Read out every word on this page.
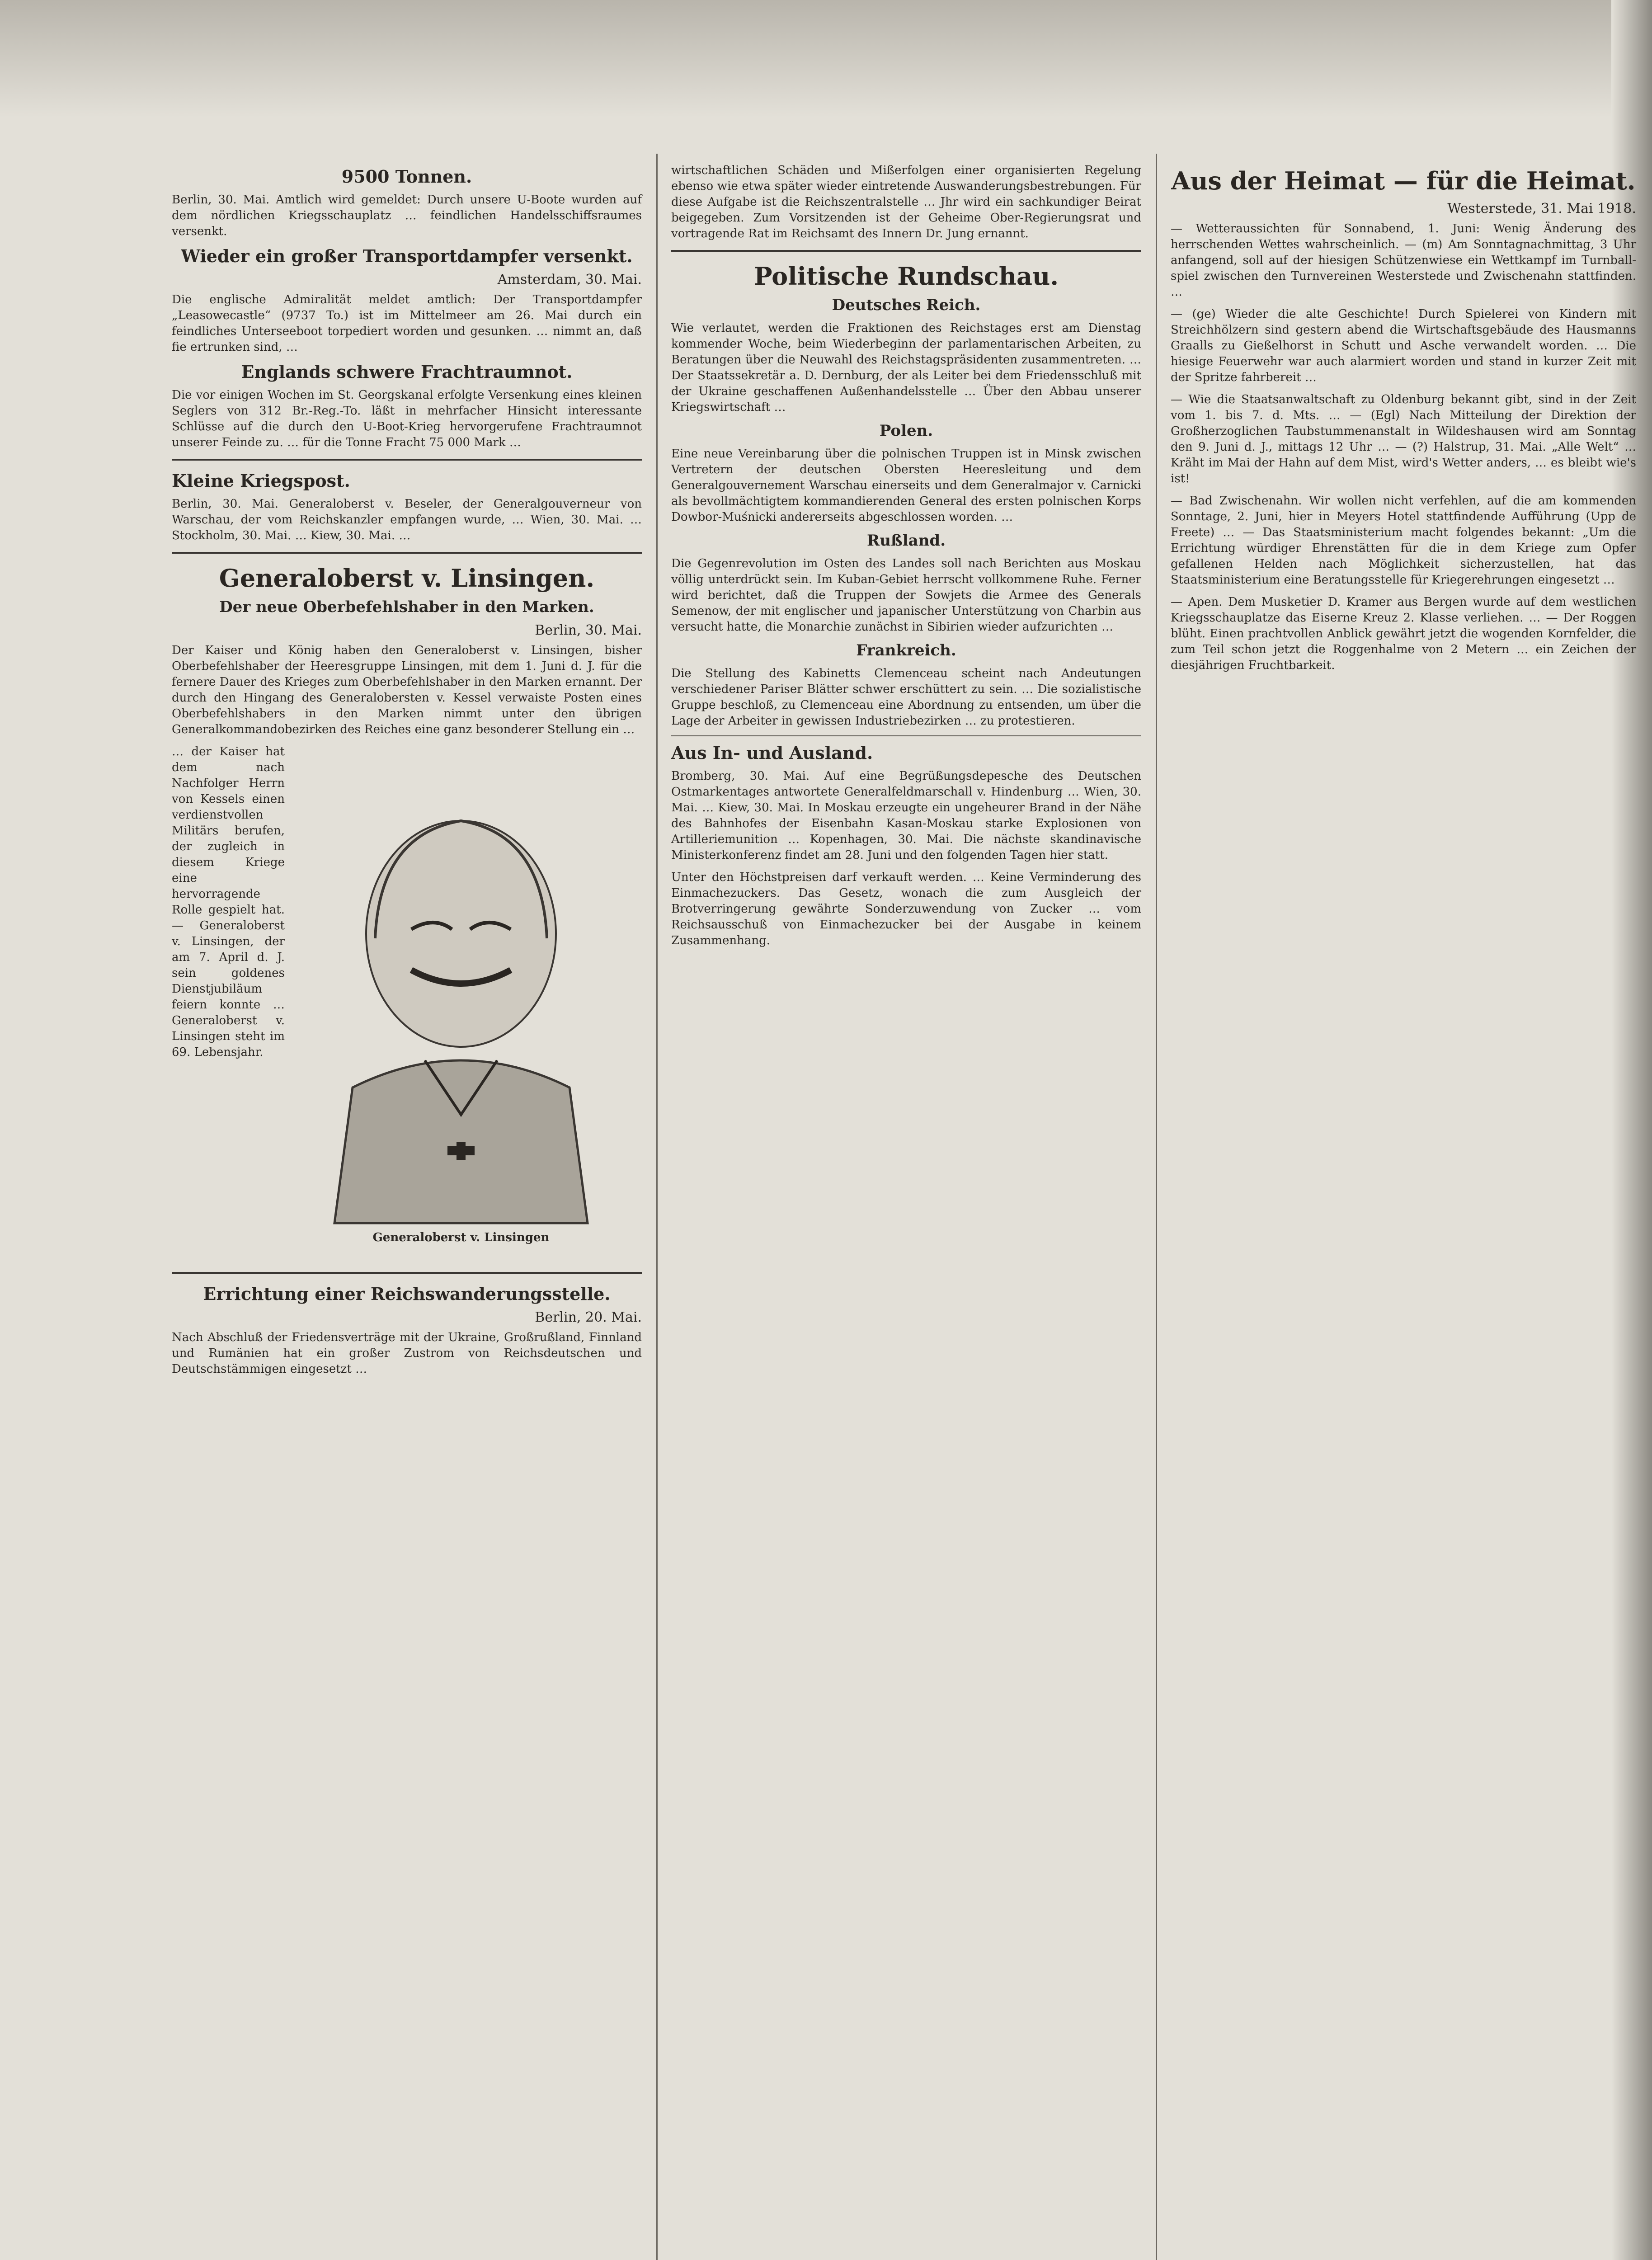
9500 Tonnen.
Berlin, 30. Mai. Amtlich wird gemeldet: Durch unsere U-Boote wurden auf dem nördlichen Kriegsschauplatz … feindlichen Handelsschiffsraumes versenkt.
Wieder ein großer Transportdampfer versenkt.
Amsterdam, 30. Mai.
Die englische Admiralität meldet amtlich: Der Transportdampfer „Leasowecastle“ (9737 To.) ist im Mittelmeer am 26. Mai durch ein feindliches Unterseeboot torpediert worden und gesunken. … nimmt an, daß fie ertrunken sind, …
Englands schwere Frachtraumnot.
Die vor einigen Wochen im St. Georgskanal erfolgte Versenkung eines kleinen Seglers von 312 Br.-Reg.-To. läßt in mehrfacher Hinsicht interessante Schlüsse auf die durch den U-Boot-Krieg hervorgerufene Frachtraumnot unserer Feinde zu. … für die Tonne Fracht 75 000 Mark …
Kleine Kriegspost.
Berlin, 30. Mai. Generaloberst v. Beseler, der Generalgouverneur von Warschau, der vom Reichskanzler empfangen wurde, … Wien, 30. Mai. … Stockholm, 30. Mai. … Kiew, 30. Mai. …
Generaloberst v. Linsingen.
Der neue Oberbefehlshaber in den Marken.
Berlin, 30. Mai.
Der Kaiser und König haben den Generaloberst v. Linsingen, bisher Oberbefehlshaber der Heeresgruppe Linsingen, mit dem 1. Juni d. J. für die fernere Dauer des Krieges zum Oberbefehlshaber in den Marken ernannt. Der durch den Hingang des Generalobersten v. Kessel verwaiste Posten eines Oberbefehlshabers in den Marken nimmt unter den übrigen Generalkommandobezirken des Reiches eine ganz besonderer Stellung ein …
… der Kaiser hat dem nach Nachfolger Herrn von Kessels einen verdienstvollen Militärs berufen, der zugleich in diesem Kriege eine hervorragende Rolle gespielt hat. — Generaloberst v. Linsingen, der am 7. April d. J. sein goldenes Dienstjubiläum feiern konnte … Generaloberst v. Linsingen steht im 69. Lebensjahr.
Generaloberst v. Linsingen
Errichtung einer Reichswanderungsstelle.
Berlin, 20. Mai.
Nach Abschluß der Friedensverträge mit der Ukraine, Großrußland, Finnland und Rumänien hat ein großer Zustrom von Reichsdeutschen und Deutschstämmigen eingesetzt …
wirtschaftlichen Schäden und Mißerfolgen einer organisierten Regelung ebenso wie etwa später wieder eintretende Auswanderungsbestrebungen. Für diese Aufgabe ist die Reichszentralstelle … Jhr wird ein sachkundiger Beirat beigegeben. Zum Vorsitzenden ist der Geheime Ober-Regierungsrat und vortragende Rat im Reichsamt des Innern Dr. Jung ernannt.
Politische Rundschau.
Deutsches Reich.
Wie verlautet, werden die Fraktionen des Reichstages erst am Dienstag kommender Woche, beim Wiederbeginn der parlamentarischen Arbeiten, zu Beratungen über die Neuwahl des Reichstagspräsidenten zusammentreten. … Der Staatssekretär a. D. Dernburg, der als Leiter bei dem Friedensschluß mit der Ukraine geschaffenen Außenhandelsstelle … Über den Abbau unserer Kriegswirtschaft …
Polen.
Eine neue Vereinbarung über die polnischen Truppen ist in Minsk zwischen Vertretern der deutschen Obersten Heeresleitung und dem Generalgouvernement Warschau einerseits und dem Generalmajor v. Carnicki als bevollmächtigtem kommandierenden General des ersten polnischen Korps Dowbor-Muśnicki andererseits abgeschlossen worden. …
Rußland.
Die Gegenrevolution im Osten des Landes soll nach Berichten aus Moskau völlig unterdrückt sein. Im Kuban-Gebiet herrscht vollkommene Ruhe. Ferner wird berichtet, daß die Truppen der Sowjets die Armee des Generals Semenow, der mit englischer und japanischer Unterstützung von Charbin aus versucht hatte, die Monarchie zunächst in Sibirien wieder aufzurichten …
Frankreich.
Die Stellung des Kabinetts Clemenceau scheint nach Andeutungen verschiedener Pariser Blätter schwer erschüttert zu sein. … Die sozialistische Gruppe beschloß, zu Clemenceau eine Abordnung zu entsenden, um über die Lage der Arbeiter in gewissen Industriebezirken … zu protestieren.
Aus In- und Ausland.
Bromberg, 30. Mai. Auf eine Begrüßungsdepesche des Deutschen Ostmarkentages antwortete Generalfeldmarschall v. Hindenburg … Wien, 30. Mai. … Kiew, 30. Mai. In Moskau erzeugte ein ungeheurer Brand in der Nähe des Bahnhofes der Eisenbahn Kasan-Moskau starke Explosionen von Artilleriemunition … Kopenhagen, 30. Mai. Die nächste skandinavische Ministerkonferenz findet am 28. Juni und den folgenden Tagen hier statt.
Unter den Höchstpreisen darf verkauft werden. … Keine Verminderung des Einmachezuckers. Das Gesetz, wonach die zum Ausgleich der Brotverringerung gewährte Sonderzuwendung von Zucker … vom Reichsausschuß von Einmachezucker bei der Ausgabe in keinem Zusammenhang.
Aus der Heimat — für die Heimat.
Westerstede, 31. Mai 1918.
— Wetteraussichten für Sonnabend, 1. Juni: Wenig Änderung des herrschenden Wettes wahrscheinlich. — (m) Am Sonntagnachmittag, 3 Uhr anfangend, soll auf der hiesigen Schützenwiese ein Wettkampf im Turnball-spiel zwischen den Turnvereinen Westerstede und Zwischenahn stattfinden. …
— (ge) Wieder die alte Geschichte! Durch Spielerei von Kindern mit Streichhölzern sind gestern abend die Wirtschaftsgebäude des Hausmanns Graalls zu Gießelhorst in Schutt und Asche verwandelt worden. … Die hiesige Feuerwehr war auch alarmiert worden und stand in kurzer Zeit mit der Spritze fahrbereit …
— Wie die Staatsanwaltschaft zu Oldenburg bekannt gibt, sind in der Zeit vom 1. bis 7. d. Mts. … — (Egl) Nach Mitteilung der Direktion der Großherzoglichen Taubstummenanstalt in Wildeshausen wird am Sonntag den 9. Juni d. J., mittags 12 Uhr … — (?) Halstrup, 31. Mai. „Alle Welt“ … Kräht im Mai der Hahn auf dem Mist, wird's Wetter anders, … es bleibt wie's ist!
— Bad Zwischenahn. Wir wollen nicht verfehlen, auf die am kommenden Sonntage, 2. Juni, hier in Meyers Hotel stattfindende Aufführung (Upp de Freete) … — Das Staatsministerium macht folgendes bekannt: „Um die Errichtung würdiger Ehrenstätten für die in dem Kriege zum Opfer gefallenen Helden nach Möglichkeit sicherzustellen, hat das Staatsministerium eine Beratungsstelle für Kriegerehrungen eingesetzt …
— Apen. Dem Musketier D. Kramer aus Bergen wurde auf dem westlichen Kriegsschauplatze das Eiserne Kreuz 2. Klasse verliehen. … — Der Roggen blüht. Einen prachtvollen Anblick gewährt jetzt die wogenden Kornfelder, die zum Teil schon jetzt die Roggenhalme von 2 Metern … ein Zeichen der diesjährigen Fruchtbarkeit.
